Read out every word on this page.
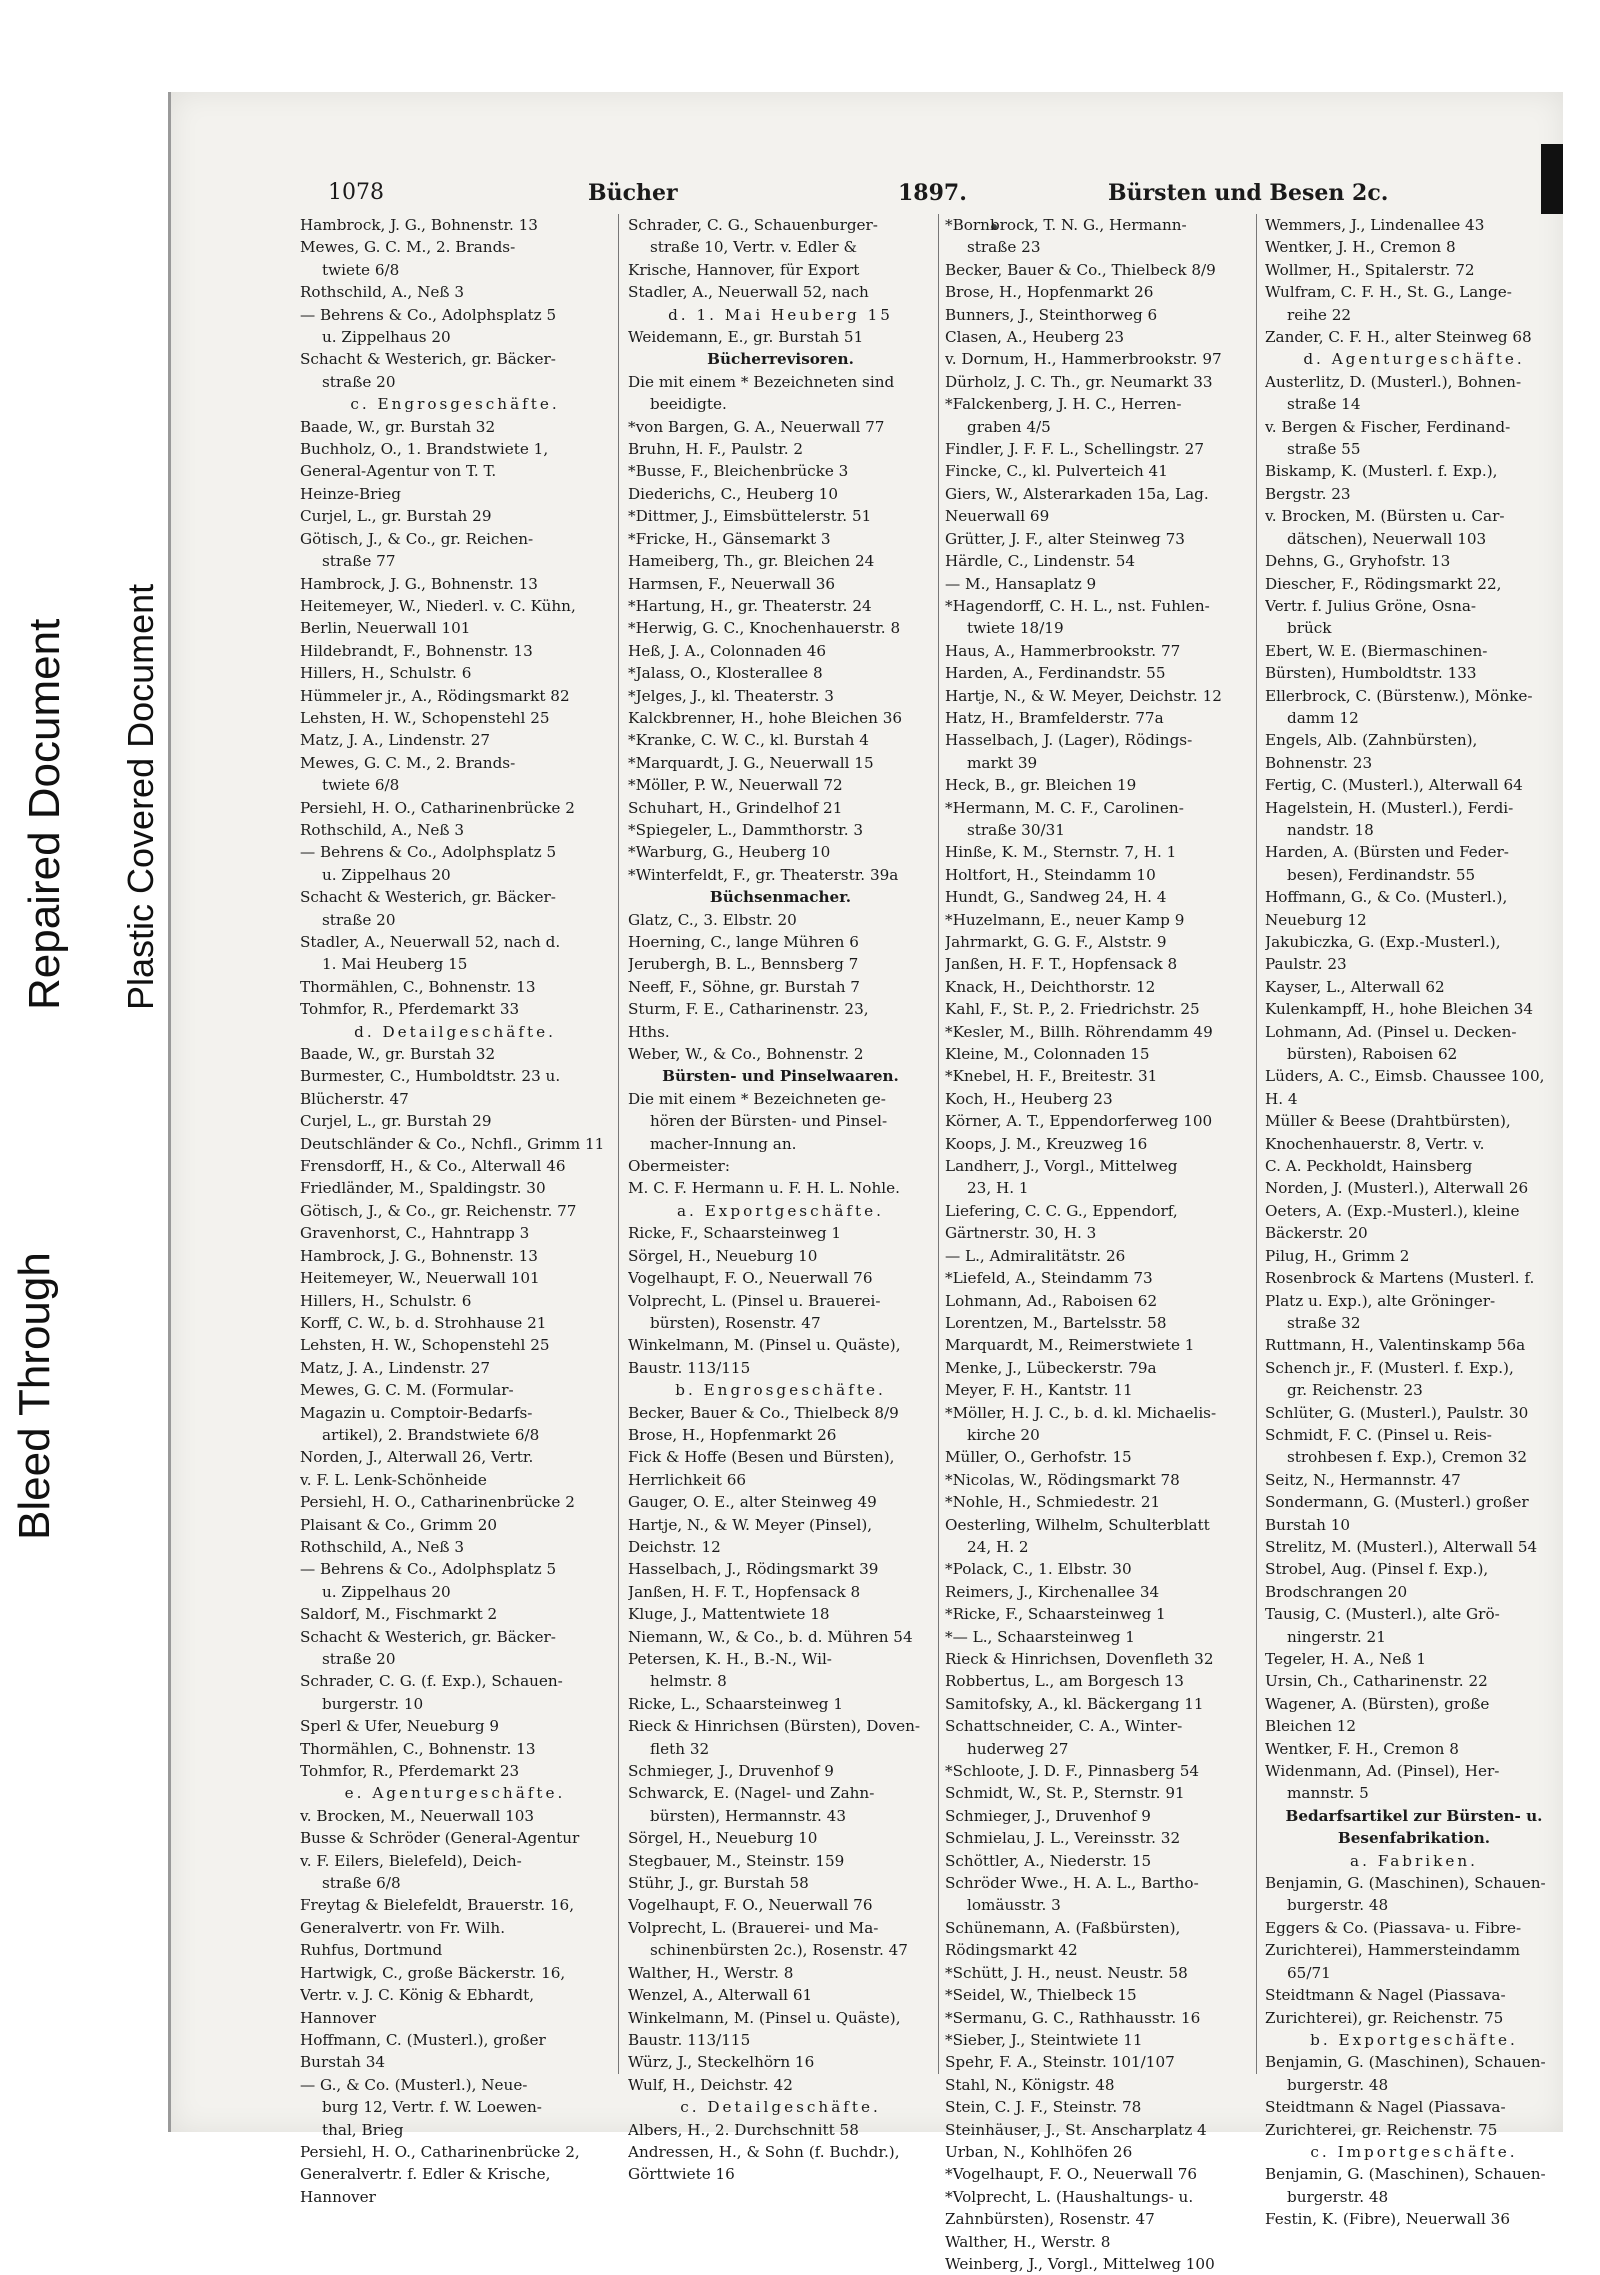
Bleed Through
Repaired Document Plastic Covered Document
1078	Bücher	1897.	Bürsten und Besen 2c.
Hambrock, J. G., Bohnenstr. 13
Mewes, G. C. M., 2. Brands-
twiete 6/8
Rothschild, A., Neß 3
— Behrens & Co., Adolphsplatz 5
u. Zippelhaus 20
Schacht & Westerich, gr. Bäcker-
straße 20
c. Engrosgeschäfte.
Baade, W., gr. Burstah 32
Buchholz, O., 1. Brandstwiete 1,
General-Agentur von T. T.
Heinze-Brieg
Curjel, L., gr. Burstah 29
Götisch, J., & Co., gr. Reichen-
straße 77
Hambrock, J. G., Bohnenstr. 13
Heitemeyer, W., Niederl. v. C. Kühn,
Berlin, Neuerwall 101
Hildebrandt, F., Bohnenstr. 13
Hillers, H., Schulstr. 6
Hümmeler jr., A., Rödingsmarkt 82
Lehsten, H. W., Schopenstehl 25
Matz, J. A., Lindenstr. 27
Mewes, G. C. M., 2. Brands-
twiete 6/8
Persiehl, H. O., Catharinenbrücke 2
Rothschild, A., Neß 3
— Behrens & Co., Adolphsplatz 5
u. Zippelhaus 20
Schacht & Westerich, gr. Bäcker-
straße 20
Stadler, A., Neuerwall 52, nach d.
1. Mai Heuberg 15
Thormählen, C., Bohnenstr. 13
Tohmfor, R., Pferdemarkt 33
d. Detailgeschäfte.
Baade, W., gr. Burstah 32
Burmester, C., Humboldtstr. 23 u.
Blücherstr. 47
Curjel, L., gr. Burstah 29
Deutschländer & Co., Nchfl., Grimm 11
Frensdorff, H., & Co., Alterwall 46
Friedländer, M., Spaldingstr. 30
Götisch, J., & Co., gr. Reichenstr. 77
Gravenhorst, C., Hahntrapp 3
Hambrock, J. G., Bohnenstr. 13
Heitemeyer, W., Neuerwall 101
Hillers, H., Schulstr. 6
Korff, C. W., b. d. Strohhause 21
Lehsten, H. W., Schopenstehl 25
Matz, J. A., Lindenstr. 27
Mewes, G. C. M. (Formular-
Magazin u. Comptoir-Bedarfs-
artikel), 2. Brandstwiete 6/8
Norden, J., Alterwall 26, Vertr.
v. F. L. Lenk-Schönheide
Persiehl, H. O., Catharinenbrücke 2
Plaisant & Co., Grimm 20
Rothschild, A., Neß 3
— Behrens & Co., Adolphsplatz 5
u. Zippelhaus 20
Saldorf, M., Fischmarkt 2
Schacht & Westerich, gr. Bäcker-
straße 20
Schrader, C. G. (f. Exp.), Schauen-
burgerstr. 10
Sperl & Ufer, Neueburg 9
Thormählen, C., Bohnenstr. 13
Tohmfor, R., Pferdemarkt 23
e. Agenturgeschäfte.
v. Brocken, M., Neuerwall 103
Busse & Schröder (General-Agentur
v. F. Eilers, Bielefeld), Deich-
straße 6/8
Freytag & Bielefeldt, Brauerstr. 16,
Generalvertr. von Fr. Wilh.
Ruhfus, Dortmund
Hartwigk, C., große Bäckerstr. 16,
Vertr. v. J. C. König & Ebhardt,
Hannover
Hoffmann, C. (Musterl.), großer
Burstah 34
— G., & Co. (Musterl.), Neue-
burg 12, Vertr. f. W. Loewen-
thal, Brieg
Persiehl, H. O., Catharinenbrücke 2,
Generalvertr. f. Edler & Krische,
Hannover
Schrader, C. G., Schauenburger-
straße 10, Vertr. v. Edler &
Krische, Hannover, für Export
Stadler, A., Neuerwall 52, nach
d. 1. Mai Heuberg 15
Weidemann, E., gr. Burstah 51
Bücherrevisoren.
Die mit einem * Bezeichneten sind
beeidigte.
*von Bargen, G. A., Neuerwall 77
Bruhn, H. F., Paulstr. 2
*Busse, F., Bleichenbrücke 3
Diederichs, C., Heuberg 10
*Dittmer, J., Eimsbüttelerstr. 51
*Fricke, H., Gänsemarkt 3
Hameiberg, Th., gr. Bleichen 24
Harmsen, F., Neuerwall 36
*Hartung, H., gr. Theaterstr. 24
*Herwig, G. C., Knochenhauerstr. 8
Heß, J. A., Colonnaden 46
*Jalass, O., Klosterallee 8
*Jelges, J., kl. Theaterstr. 3
Kalckbrenner, H., hohe Bleichen 36
*Kranke, C. W. C., kl. Burstah 4
*Marquardt, J. G., Neuerwall 15
*Möller, P. W., Neuerwall 72
Schuhart, H., Grindelhof 21
*Spiegeler, L., Dammthorstr. 3
*Warburg, G., Heuberg 10
*Winterfeldt, F., gr. Theaterstr. 39a
Büchsenmacher.
Glatz, C., 3. Elbstr. 20
Hoerning, C., lange Mühren 6
Jerubergh, B. L., Bennsberg 7
Neeff, F., Söhne, gr. Burstah 7
Sturm, F. E., Catharinenstr. 23,
Hths.
Weber, W., & Co., Bohnenstr. 2
Bürsten- und Pinselwaaren.
Die mit einem * Bezeichneten ge-
hören der Bürsten- und Pinsel-
macher-Innung an.
Obermeister:
M. C. F. Hermann u. F. H. L. Nohle.
a. Exportgeschäfte.
Ricke, F., Schaarsteinweg 1
Sörgel, H., Neueburg 10
Vogelhaupt, F. O., Neuerwall 76
Volprecht, L. (Pinsel u. Brauerei-
bürsten), Rosenstr. 47
Winkelmann, M. (Pinsel u. Quäste),
Baustr. 113/115
b. Engrosgeschäfte.
Becker, Bauer & Co., Thielbeck 8/9
Brose, H., Hopfenmarkt 26
Fick & Hoffe (Besen und Bürsten),
Herrlichkeit 66
Gauger, O. E., alter Steinweg 49
Hartje, N., & W. Meyer (Pinsel),
Deichstr. 12
Hasselbach, J., Rödingsmarkt 39
Janßen, H. F. T., Hopfensack 8
Kluge, J., Mattentwiete 18
Niemann, W., & Co., b. d. Mühren 54
Petersen, K. H., B.-N., Wil-
helmstr. 8
Ricke, L., Schaarsteinweg 1
Rieck & Hinrichsen (Bürsten), Doven-
fleth 32
Schmieger, J., Druvenhof 9
Schwarck, E. (Nagel- und Zahn-
bürsten), Hermannstr. 43
Sörgel, H., Neueburg 10
Stegbauer, M., Steinstr. 159
Stühr, J., gr. Burstah 58
Vogelhaupt, F. O., Neuerwall 76
Volprecht, L. (Brauerei- und Ma-
schinenbürsten 2c.), Rosenstr. 47
Walther, H., Werstr. 8
Wenzel, A., Alterwall 61
Winkelmann, M. (Pinsel u. Quäste),
Baustr. 113/115
Würz, J., Steckelhörn 16
Wulf, H., Deichstr. 42
c. Detailgeschäfte.
Albers, H., 2. Durchschnitt 58
Andressen, H., & Sohn (f. Buchdr.),
Görttwiete 16
*Bornbrock, T. N. G., Hermann-
straße 23
Becker, Bauer & Co., Thielbeck 8/9
Brose, H., Hopfenmarkt 26
Bunners, J., Steinthorweg 6
Clasen, A., Heuberg 23
v. Dornum, H., Hammerbrookstr. 97
Dürholz, J. C. Th., gr. Neumarkt 33
*Falckenberg, J. H. C., Herren-
graben 4/5
Findler, J. F. F. L., Schellingstr. 27
Fincke, C., kl. Pulverteich 41
Giers, W., Alsterarkaden 15a, Lag.
Neuerwall 69
Grütter, J. F., alter Steinweg 73
Härdle, C., Lindenstr. 54
— M., Hansaplatz 9
*Hagendorff, C. H. L., nst. Fuhlen-
twiete 18/19
Haus, A., Hammerbrookstr. 77
Harden, A., Ferdinandstr. 55
Hartje, N., & W. Meyer, Deichstr. 12
Hatz, H., Bramfelderstr. 77a
Hasselbach, J. (Lager), Rödings-
markt 39
Heck, B., gr. Bleichen 19
*Hermann, M. C. F., Carolinen-
straße 30/31
Hinße, K. M., Sternstr. 7, H. 1
Holtfort, H., Steindamm 10
Hundt, G., Sandweg 24, H. 4
*Huzelmann, E., neuer Kamp 9
Jahrmarkt, G. G. F., Alststr. 9
Janßen, H. F. T., Hopfensack 8
Knack, H., Deichthorstr. 12
Kahl, F., St. P., 2. Friedrichstr. 25
*Kesler, M., Billh. Röhrendamm 49
Kleine, M., Colonnaden 15
*Knebel, H. F., Breitestr. 31
Koch, H., Heuberg 23
Körner, A. T., Eppendorferweg 100
Koops, J. M., Kreuzweg 16
Landherr, J., Vorgl., Mittelweg
23, H. 1
Liefering, C. C. G., Eppendorf,
Gärtnerstr. 30, H. 3
— L., Admiralitätstr. 26
*Liefeld, A., Steindamm 73
Lohmann, Ad., Raboisen 62
Lorentzen, M., Bartelsstr. 58
Marquardt, M., Reimerstwiete 1
Menke, J., Lübeckerstr. 79a
Meyer, F. H., Kantstr. 11
*Möller, H. J. C., b. d. kl. Michaelis-
kirche 20
Müller, O., Gerhofstr. 15
*Nicolas, W., Rödingsmarkt 78
*Nohle, H., Schmiedestr. 21
Oesterling, Wilhelm, Schulterblatt
24, H. 2
*Polack, C., 1. Elbstr. 30
Reimers, J., Kirchenallee 34
*Ricke, F., Schaarsteinweg 1
*— L., Schaarsteinweg 1
Rieck & Hinrichsen, Dovenfleth 32
Robbertus, L., am Borgesch 13
Samitofsky, A., kl. Bäckergang 11
Schattschneider, C. A., Winter-
huderweg 27
*Schloote, J. D. F., Pinnasberg 54
Schmidt, W., St. P., Sternstr. 91
Schmieger, J., Druvenhof 9
Schmielau, J. L., Vereinsstr. 32
Schöttler, A., Niederstr. 15
Schröder Wwe., H. A. L., Bartho-
lomäusstr. 3
Schünemann, A. (Faßbürsten),
Rödingsmarkt 42
*Schütt, J. H., neust. Neustr. 58
*Seidel, W., Thielbeck 15
*Sermanu, G. C., Rathhausstr. 16
*Sieber, J., Steintwiete 11
Spehr, F. A., Steinstr. 101/107
Stahl, N., Königstr. 48
Stein, C. J. F., Steinstr. 78
Steinhäuser, J., St. Anscharplatz 4
Urban, N., Kohlhöfen 26
*Vogelhaupt, F. O., Neuerwall 76
*Volprecht, L. (Haushaltungs- u.
Zahnbürsten), Rosenstr. 47
Walther, H., Werstr. 8
Weinberg, J., Vorgl., Mittelweg 100
Wemmers, J., Lindenallee 43
Wentker, J. H., Cremon 8
Wollmer, H., Spitalerstr. 72
Wulfram, C. F. H., St. G., Lange-
reihe 22
Zander, C. F. H., alter Steinweg 68
d. Agenturgeschäfte.
Austerlitz, D. (Musterl.), Bohnen-
straße 14
v. Bergen & Fischer, Ferdinand-
straße 55
Biskamp, K. (Musterl. f. Exp.),
Bergstr. 23
v. Brocken, M. (Bürsten u. Car-
dätschen), Neuerwall 103
Dehns, G., Gryhofstr. 13
Diescher, F., Rödingsmarkt 22,
Vertr. f. Julius Gröne, Osna-
brück
Ebert, W. E. (Biermaschinen-
Bürsten), Humboldtstr. 133
Ellerbrock, C. (Bürstenw.), Mönke-
damm 12
Engels, Alb. (Zahnbürsten),
Bohnenstr. 23
Fertig, C. (Musterl.), Alterwall 64
Hagelstein, H. (Musterl.), Ferdi-
nandstr. 18
Harden, A. (Bürsten und Feder-
besen), Ferdinandstr. 55
Hoffmann, G., & Co. (Musterl.),
Neueburg 12
Jakubiczka, G. (Exp.-Musterl.),
Paulstr. 23
Kayser, L., Alterwall 62
Kulenkampff, H., hohe Bleichen 34
Lohmann, Ad. (Pinsel u. Decken-
bürsten), Raboisen 62
Lüders, A. C., Eimsb. Chaussee 100,
H. 4
Müller & Beese (Drahtbürsten),
Knochenhauerstr. 8, Vertr. v.
C. A. Peckholdt, Hainsberg
Norden, J. (Musterl.), Alterwall 26
Oeters, A. (Exp.-Musterl.), kleine
Bäckerstr. 20
Pilug, H., Grimm 2
Rosenbrock & Martens (Musterl. f.
Platz u. Exp.), alte Gröninger-
straße 32
Ruttmann, H., Valentinskamp 56a
Schench jr., F. (Musterl. f. Exp.),
gr. Reichenstr. 23
Schlüter, G. (Musterl.), Paulstr. 30
Schmidt, F. C. (Pinsel u. Reis-
strohbesen f. Exp.), Cremon 32
Seitz, N., Hermannstr. 47
Sondermann, G. (Musterl.) großer
Burstah 10
Strelitz, M. (Musterl.), Alterwall 54
Strobel, Aug. (Pinsel f. Exp.),
Brodschrangen 20
Tausig, C. (Musterl.), alte Grö-
ningerstr. 21
Tegeler, H. A., Neß 1
Ursin, Ch., Catharinenstr. 22
Wagener, A. (Bürsten), große
Bleichen 12
Wentker, F. H., Cremon 8
Widenmann, Ad. (Pinsel), Her-
mannstr. 5
Bedarfsartikel zur Bürsten- u.
Besenfabrikation.
a. Fabriken.
Benjamin, G. (Maschinen), Schauen-
burgerstr. 48
Eggers & Co. (Piassava- u. Fibre-
Zurichterei), Hammersteindamm
65/71
Steidtmann & Nagel (Piassava-
Zurichterei), gr. Reichenstr. 75
b. Exportgeschäfte.
Benjamin, G. (Maschinen), Schauen-
burgerstr. 48
Steidtmann & Nagel (Piassava-
Zurichterei, gr. Reichenstr. 75
c. Importgeschäfte.
Benjamin, G. (Maschinen), Schauen-
burgerstr. 48
Festin, K. (Fibre), Neuerwall 36
